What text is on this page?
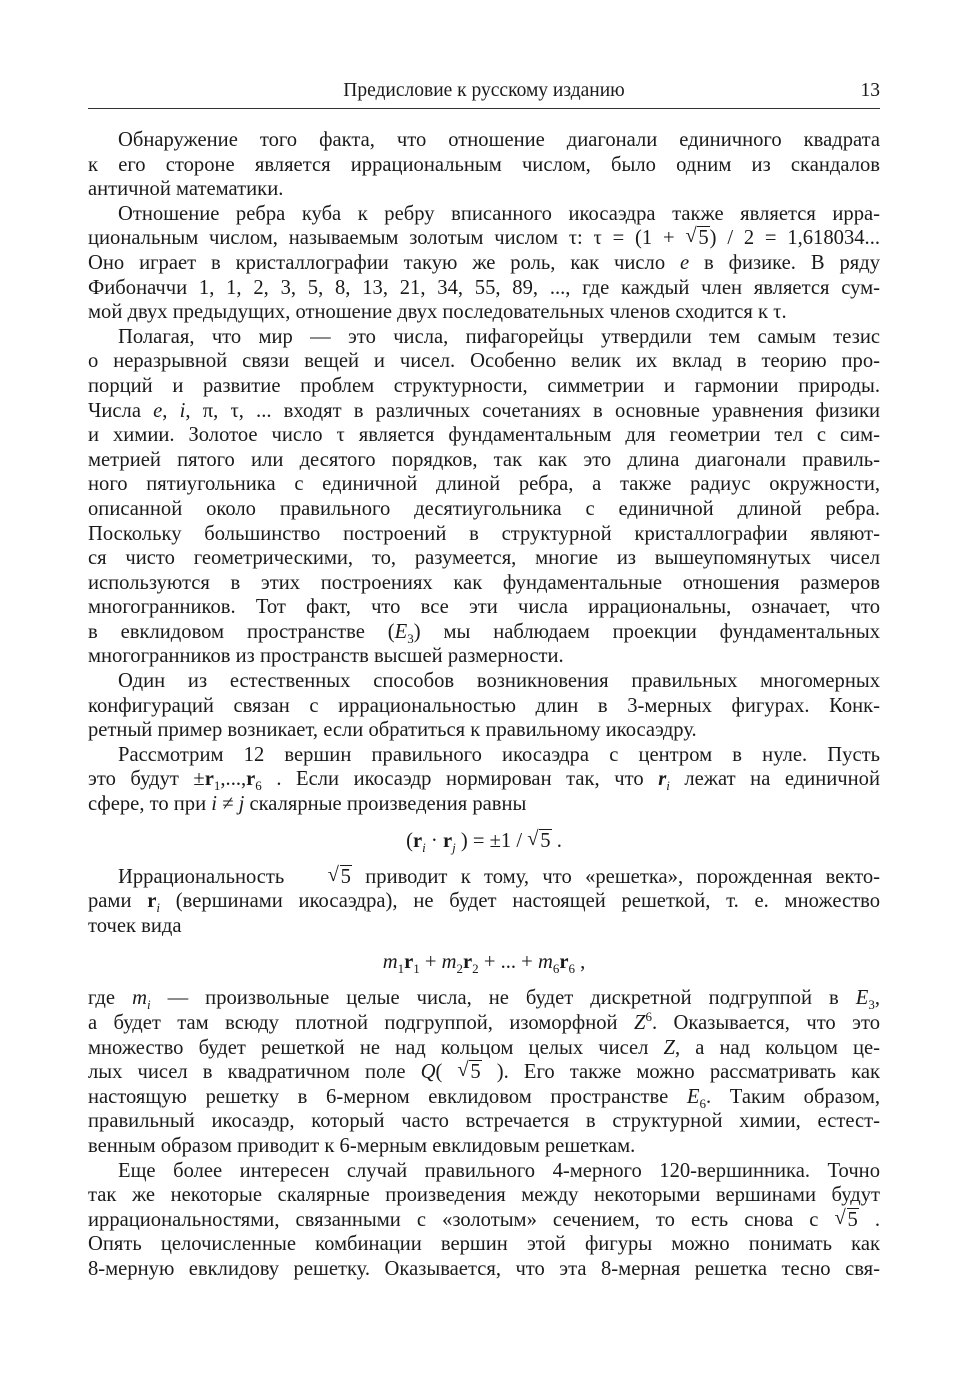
Предисловие к русскому изданию	13
Обнаружение того факта, что отношение диагонали единичного квадрата
к его стороне является иррациональным числом, было одним из скандалов
античной математики.
Отношение ребра куба к ребру вписанного икосаэдра также является ирра-
циональным числом, называемым золотым числом τ: τ = (1 + √ 5) / 2 = 1,618034...
Оно играет в кристаллографии такую же роль, как число e в физике. В ряду
Фибоначчи 1, 1, 2, 3, 5, 8, 13, 21, 34, 55, 89, ..., где каждый член является сум-
мой двух предыдущих, отношение двух последовательных членов сходится к τ.
Полагая, что мир — это числа, пифагорейцы утвердили тем самым тезис
о неразрывной связи вещей и чисел. Особенно велик их вклад в теорию про-
порций и развитие проблем структурности, симметрии и гармонии природы.
Числа e, i, π, τ, ... входят в различных сочетаниях в основные уравнения физики
и химии. Золотое число τ является фундаментальным для геометрии тел с сим-
метрией пятого или десятого порядков, так как это длина диагонали правиль-
ного пятиугольника с единичной длиной ребра, а также радиус окружности,
описанной около правильного десятиугольника с единичной длиной ребра.
Поскольку большинство построений в структурной кристаллографии являют-
ся чисто геометрическими, то, разумеется, многие из вышеупомянутых чисел
используются в этих построениях как фундаментальные отношения размеров
многогранников. Тот факт, что все эти числа иррациональны, означает, что
в евклидовом пространстве $(E_3)$ мы наблюдаем проекции фундаментальных
многогранников из пространств высшей размерности.
Один из естественных способов возникновения правильных многомерных
конфигураций связан с иррациональностью длин в 3-мерных фигурах. Конк-
ретный пример возникает, если обратиться к правильному икосаэдру.
Рассмотрим 12 вершин правильного икосаэдра с центром в нуле. Пусть
это будут $\pm r_1,...,r_6$ . Если икосаэдр нормирован так, что $r_i$ лежат на единичной
сфере, то при i ≠ j скалярные произведения равны
($r_i \cdot r_j$ ) = ±1 / √ 5 .
Иррациональность √ 5 приводит к тому, что «решетка», порожденная векто-
рами $r_i$ (вершинами икосаэдра), не будет настоящей решеткой, т. е. множество
точек вида
$m_1r_1 + m_2r_2$ + ... + $m_6r_6$ ,
где $m_i$ — произвольные целые числа, не будет дискретной подгруппой в $E_3$,
а будет там всюду плотной подгруппой, изоморфной $Z^6$. Оказывается, что это
множество будет решеткой не над кольцом целых чисел Z, а над кольцом це-
лых чисел в квадратичном поле Q( √ 5 ). Его также можно рассматривать как
настоящую решетку в 6-мерном евклидовом пространстве $E_6$. Таким образом,
правильный икосаэдр, который часто встречается в структурной химии, естест-
венным образом приводит к 6-мерным евклидовым решеткам.
Еще более интересен случай правильного 4-мерного 120-вершинника. Точно
так же некоторые скалярные произведения между некоторыми вершинами будут
иррациональностями, связанными с «золотым» сечением, то есть снова с √ 5 .
Опять целочисленные комбинации вершин этой фигуры можно понимать как
8-мерную евклидову решетку. Оказывается, что эта 8-мерная решетка тесно свя-
